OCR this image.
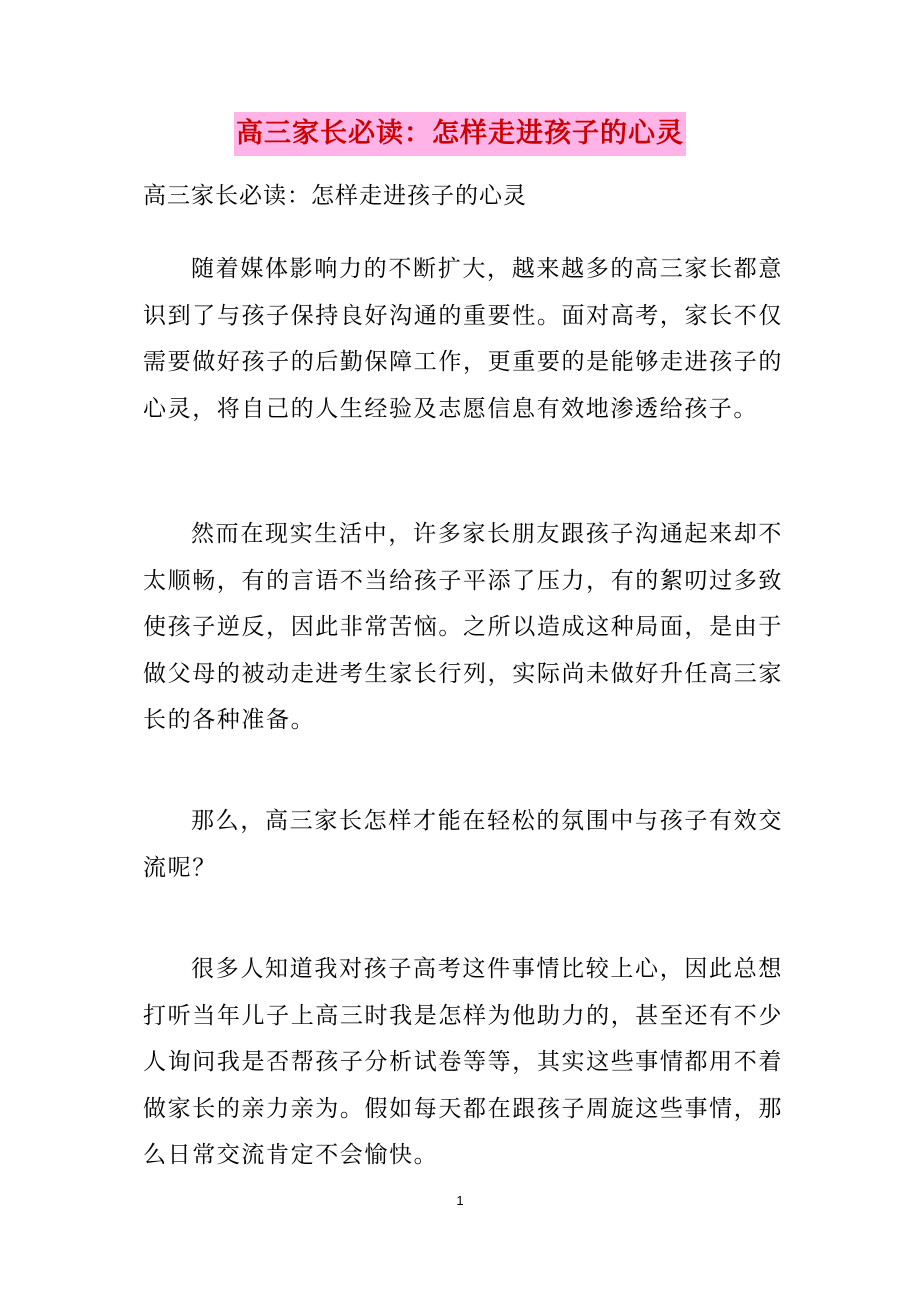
高三家长必读：怎样走进孩子的心灵
高三家长必读：怎样走进孩子的心灵

随着媒体影响力的不断扩大，越来越多的高三家长都意识到了与孩子保持良好沟通的重要性。面对高考，家长不仅需要做好孩子的后勤保障工作，更重要的是能够走进孩子的心灵，将自己的人生经验及志愿信息有效地渗透给孩子。

然而在现实生活中，许多家长朋友跟孩子沟通起来却不太顺畅，有的言语不当给孩子平添了压力，有的絮叨过多致使孩子逆反，因此非常苦恼。之所以造成这种局面，是由于做父母的被动走进考生家长行列，实际尚未做好升任高三家长的各种准备。

那么，高三家长怎样才能在轻松的氛围中与孩子有效交流呢？

很多人知道我对孩子高考这件事情比较上心，因此总想打听当年儿子上高三时我是怎样为他助力的，甚至还有不少人询问我是否帮孩子分析试卷等等，其实这些事情都用不着做家长的亲力亲为。假如每天都在跟孩子周旋这些事情，那么日常交流肯定不会愉快。

1
